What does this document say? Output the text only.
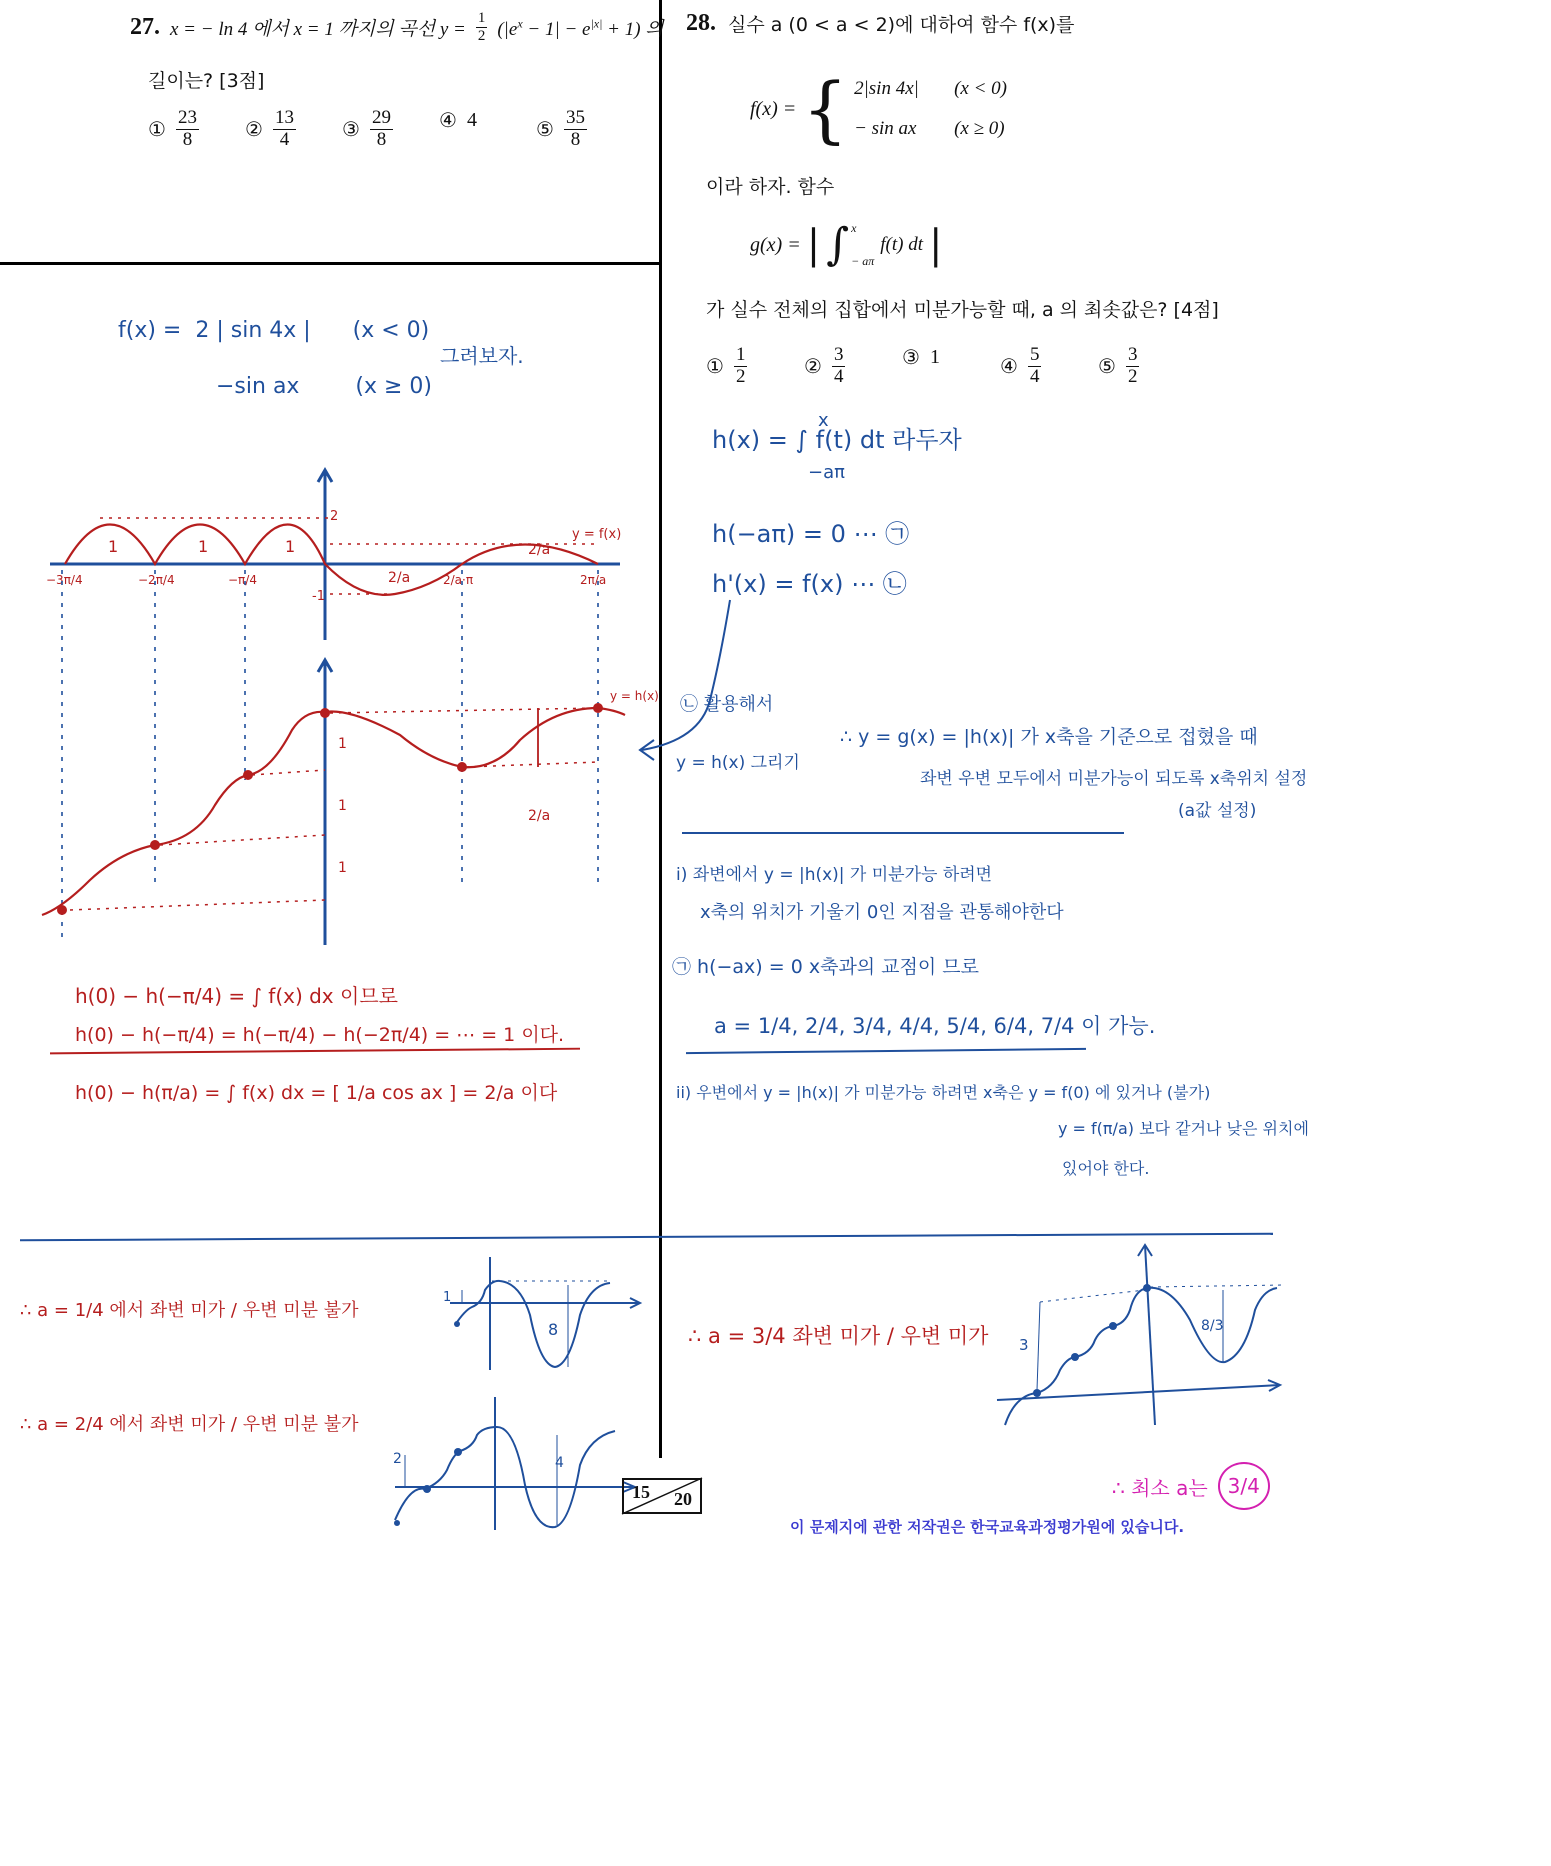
27. x = − ln 4 에서 x = 1 까지의 곡선 $y = \frac{1}{2} (|e^x - 1| - e^{|x|} + 1)$ 의
길이는? [3점]
① $\frac{23}{8}$ ② $\frac{13}{4}$ ③ $\frac{29}{8}$ ④ 4	⑤ $\frac{35}{8}$
28. 실수 a (0 < a < 2)에 대하여 함수 f(x)를
f(x) = { 2|sin 4x|	(x < 0)
− sin ax	(x ≥ 0)
이라 하자. 함수
g(x) = | ∫ x
− aπ
f(t) dt |
가 실수 전체의 집합에서 미분가능할 때, a 의 최솟값은? [4점]
① $\frac{1}{2}$	② $\frac{3}{4}$	③ 1	④ $\frac{5}{4}$	⑤ $\frac{3}{2}$
f(x) =  2 | sin 4x |      (x < 0)
−sin ax        (x ≥ 0)
그려보자.
1	1	1
2/a
2/a
y = f(x)
2
-1
−3π/4	−2π/4	−π/4	2/a·π	2π/a
1
1
1
2/a
y = h(x)
h(0) − h(−π/4) = ∫ f(x) dx 이므로
h(0) − h(−π/4) = h(−π/4) − h(−2π/4) = ⋯ = 1 이다.
h(0) − h(π/a) = ∫ f(x) dx = [ 1/a cos ax ] = 2/a 이다
h(x) = ∫ f(t) dt 라두자
x
−aπ
h(−aπ) = 0 ⋯ ㉠
h'(x) = f(x) ⋯ ㉡
㉡ 활용해서
y = h(x) 그리기
∴ y = g(x) = |h(x)| 가 x축을 기준으로 접혔을 때
좌변 우변 모두에서 미분가능이 되도록 x축위치 설정
(a값 설정)
i) 좌변에서 y = |h(x)| 가 미분가능 하려면
x축의 위치가 기울기 0인 지점을 관통해야한다
㉠ h(−ax) = 0 x축과의 교점이 므로
a = 1/4, 2/4, 3/4, 4/4, 5/4, 6/4, 7/4 이 가능.
ii) 우변에서 y = |h(x)| 가 미분가능 하려면 x축은 y = f(0) 에 있거나 (불가)
y = f(π/a) 보다 같거나 낮은 위치에
있어야 한다.
∴ a = 1/4 에서 좌변 미가 / 우변 미분 불가
∴ a = 2/4 에서 좌변 미가 / 우변 미분 불가
1
8
2	4
∴ a = 3/4 좌변 미가 / 우변 미가 3
8/3
∴ 최소 a는	3/4
15 20
이 문제지에 관한 저작권은 한국교육과정평가원에 있습니다.
